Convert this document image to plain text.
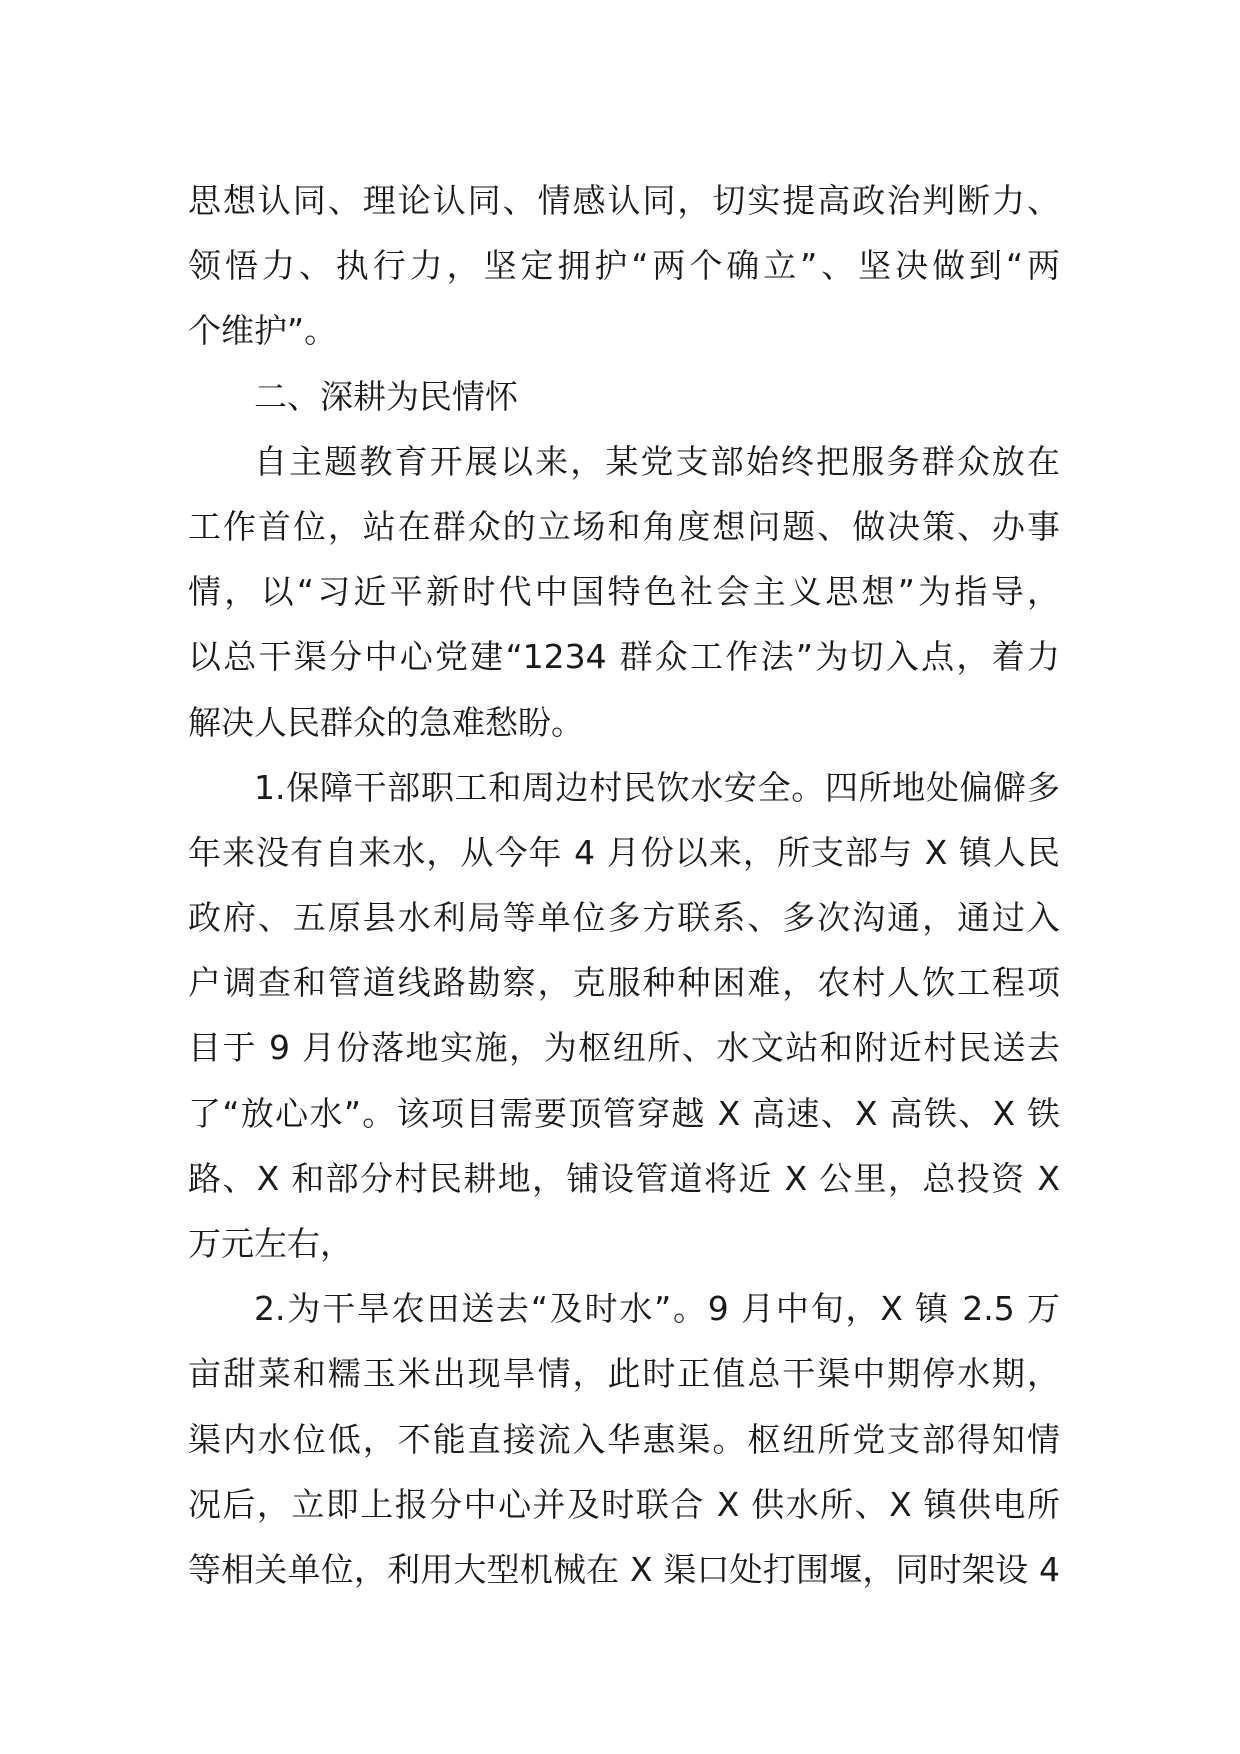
思想认同、理论认同、情感认同，切实提高政治判断力、
领悟力、执行力，坚定拥护“两个确立”、坚决做到“两
个维护”。
二、深耕为民情怀
自主题教育开展以来，某党支部始终把服务群众放在
工作首位，站在群众的立场和角度想问题、做决策、办事
情，以“习近平新时代中国特色社会主义思想”为指导，
以总干渠分中心党建“1234 群众工作法”为切入点，着力
解决人民群众的急难愁盼。
1.保障干部职工和周边村民饮水安全。四所地处偏僻多
年来没有自来水，从今年 4 月份以来，所支部与 X 镇人民
政府、五原县水利局等单位多方联系、多次沟通，通过入
户调查和管道线路勘察，克服种种困难，农村人饮工程项
目于 9 月份落地实施，为枢纽所、水文站和附近村民送去
了“放心水”。该项目需要顶管穿越 X 高速、X 高铁、X 铁
路、X 和部分村民耕地，铺设管道将近 X 公里，总投资 X
万元左右，
2.为干旱农田送去“及时水”。9 月中旬，X 镇 2.5 万
亩甜菜和糯玉米出现旱情，此时正值总干渠中期停水期，
渠内水位低，不能直接流入华惠渠。枢纽所党支部得知情
况后，立即上报分中心并及时联合 X 供水所、X 镇供电所
等相关单位，利用大型机械在 X 渠口处打围堰，同时架设 4
